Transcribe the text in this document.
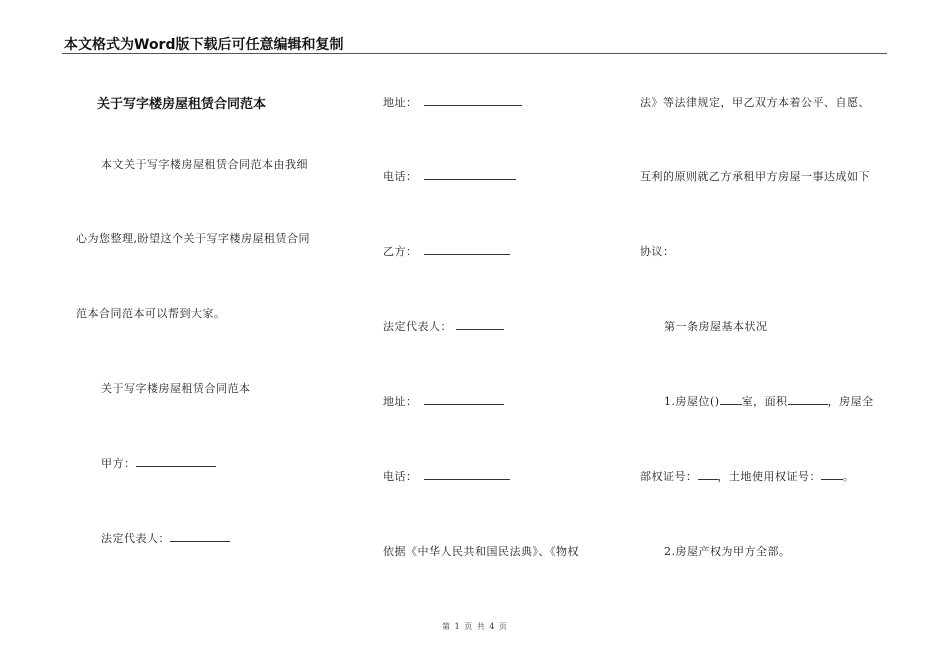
本文格式为Word版下载后可任意编辑和复制
关于写字楼房屋租赁合同范本
本文关于写字楼房屋租赁合同范本由我细
心为您整理,盼望这个关于写字楼房屋租赁合同
范本合同范本可以帮到大家。
关于写字楼房屋租赁合同范本
甲方：
法定代表人：
地址：
电话：
乙方：
法定代表人：
地址：
电话：
依据《中华人民共和国民法典》、《物权
法》等法律规定，甲乙双方本着公平、自愿、
互利的原则就乙方承租甲方房屋一事达成如下
协议：
第一条房屋基本状况
1.房屋位() 室，面积	，房屋全
部权证号： ，土地使用权证号： 。
2.房屋产权为甲方全部。
第 1 页 共 4 页
